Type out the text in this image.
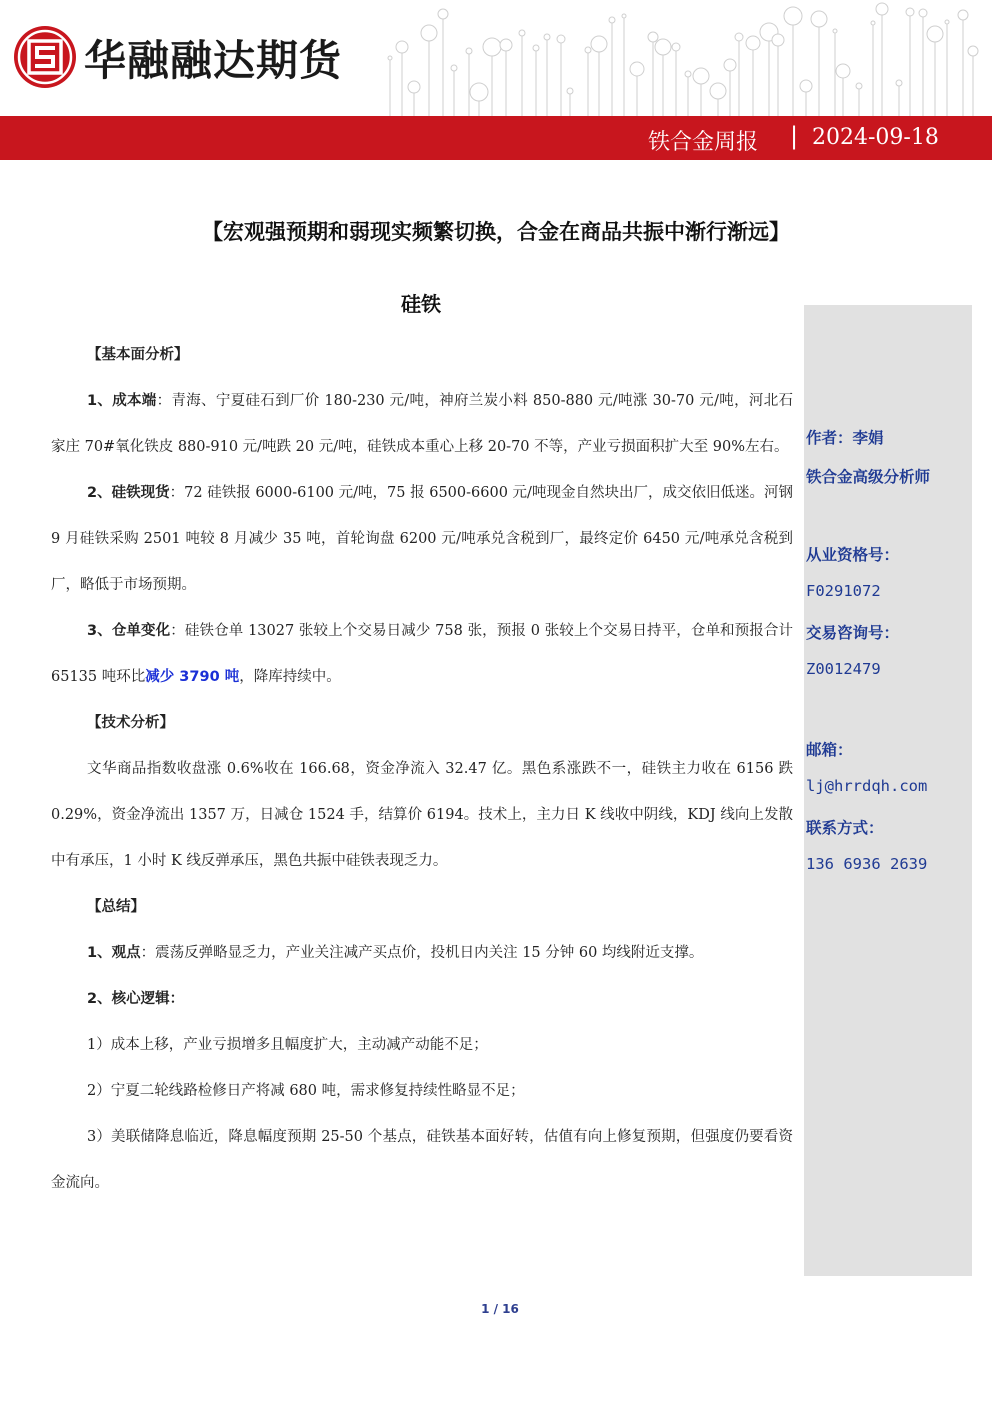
华融融达期货
铁合金周报 | 2024-09-18
【宏观强预期和弱现实频繁切换，合金在商品共振中渐行渐远】
硅铁

【基本面分析】

1、成本端：青海、宁夏硅石到厂价 180-230 元/吨，神府兰炭小料 850-880 元/吨涨 30-70 元/吨，河北石家庄 70#氧化铁皮 880-910 元/吨跌 20 元/吨，硅铁成本重心上移 20-70 不等，产业亏损面积扩大至 90%左右。

2、硅铁现货：72 硅铁报 6000-6100 元/吨，75 报 6500-6600 元/吨现金自然块出厂，成交依旧低迷。河钢 9 月硅铁采购 2501 吨较 8 月减少 35 吨，首轮询盘 6200 元/吨承兑含税到厂，最终定价 6450 元/吨承兑含税到厂，略低于市场预期。

3、仓单变化：硅铁仓单 13027 张较上个交易日减少 758 张，预报 0 张较上个交易日持平，仓单和预报合计 65135 吨环比减少 3790 吨，降库持续中。

【技术分析】

文华商品指数收盘涨 0.6%收在 166.68，资金净流入 32.47 亿。黑色系涨跌不一，硅铁主力收在 6156 跌 0.29%，资金净流出 1357 万，日减仓 1524 手，结算价 6194。技术上，主力日 K 线收中阴线，KDJ 线向上发散中有承压，1 小时 K 线反弹承压，黑色共振中硅铁表现乏力。

【总结】

1、观点：震荡反弹略显乏力，产业关注减产买点价，投机日内关注 15 分钟 60 均线附近支撑。

2、核心逻辑：

1）成本上移，产业亏损增多且幅度扩大，主动减产动能不足；

2）宁夏二轮线路检修日产将减 680 吨，需求修复持续性略显不足；

3）美联储降息临近，降息幅度预期 25-50 个基点，硅铁基本面好转，估值有向上修复预期，但强度仍要看资金流向。

作者：李娟
铁合金高级分析师
从业资格号：
F0291072
交易咨询号：
Z0012479
邮箱：
lj@hrrdqh.com
联系方式：
136 6936 2639
1 / 16
